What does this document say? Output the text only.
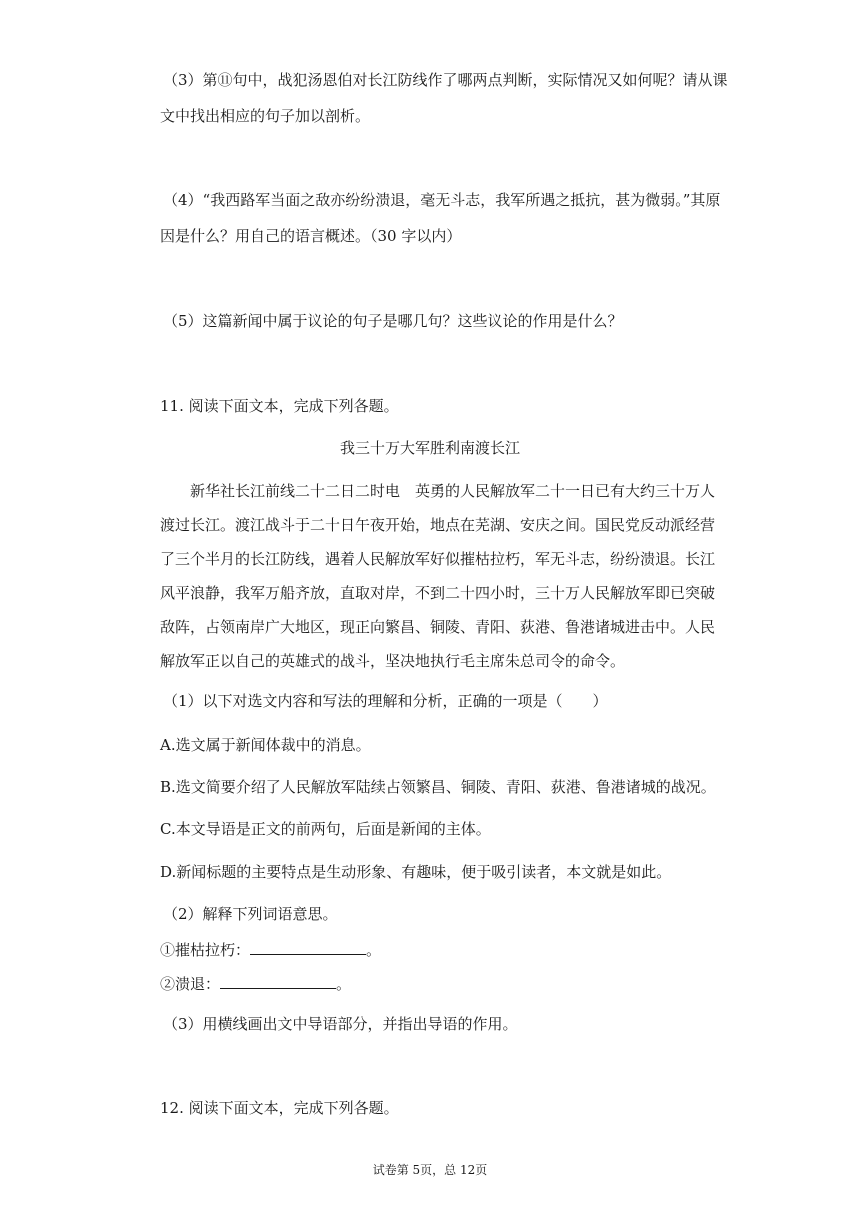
（3）第⑪句中，战犯汤恩伯对长江防线作了哪两点判断，实际情况又如何呢？请从课
文中找出相应的句子加以剖析。
（4）“我西路军当面之敌亦纷纷溃退，毫无斗志，我军所遇之抵抗，甚为微弱。”其原
因是什么？用自己的语言概述。（30 字以内）
（5）这篇新闻中属于议论的句子是哪几句？这些议论的作用是什么？
11. 阅读下面文本，完成下列各题。
我三十万大军胜利南渡长江
新华社长江前线二十二日二时电　英勇的人民解放军二十一日已有大约三十万人
渡过长江。渡江战斗于二十日午夜开始，地点在芜湖、安庆之间。国民党反动派经营
了三个半月的长江防线，遇着人民解放军好似摧枯拉朽，军无斗志，纷纷溃退。长江
风平浪静，我军万船齐放，直取对岸，不到二十四小时，三十万人民解放军即已突破
敌阵，占领南岸广大地区，现正向繁昌、铜陵、青阳、荻港、鲁港诸城进击中。人民
解放军正以自己的英雄式的战斗，坚决地执行毛主席朱总司令的命令。
（1）以下对选文内容和写法的理解和分析，正确的一项是（　　）
A.选文属于新闻体裁中的消息。
B.选文简要介绍了人民解放军陆续占领繁昌、铜陵、青阳、荻港、鲁港诸城的战况。
C.本文导语是正文的前两句，后面是新闻的主体。
D.新闻标题的主要特点是生动形象、有趣味，便于吸引读者，本文就是如此。
（2）解释下列词语意思。
①摧枯拉朽：	。
②溃退：	。
（3）用横线画出文中导语部分，并指出导语的作用。
12. 阅读下面文本，完成下列各题。
试卷第 5页，总 12页
